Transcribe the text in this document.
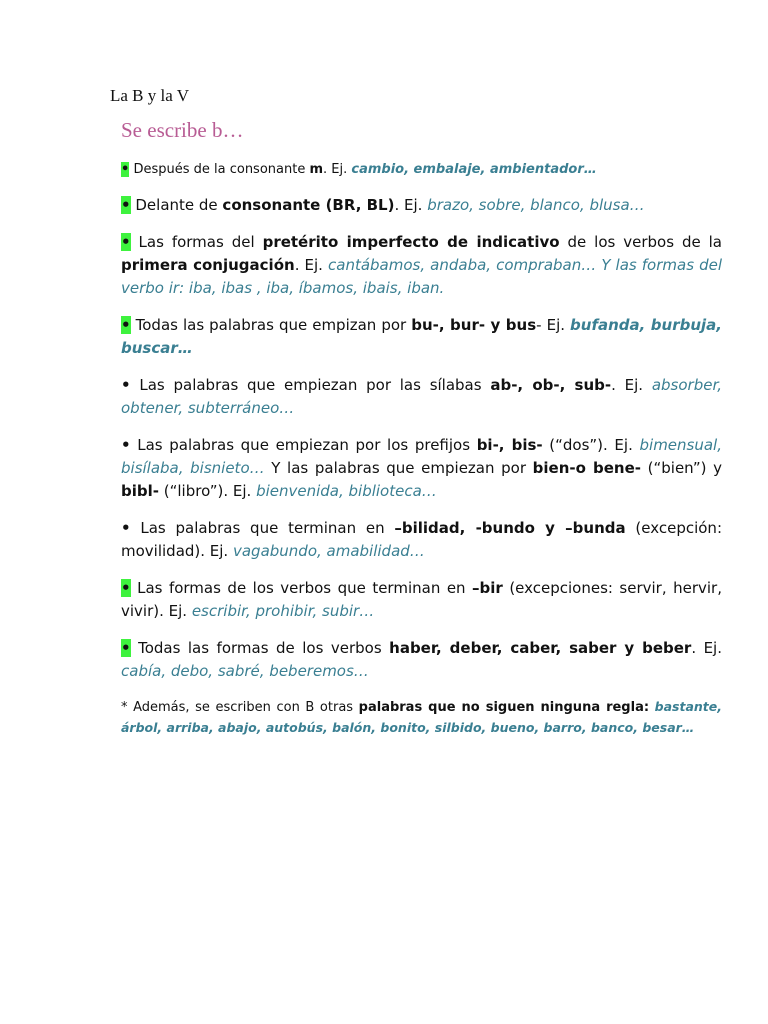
La B y la V
Se escribe b…

• Después de la consonante m. Ej. cambio, embalaje, ambientador…

• Delante de consonante (BR, BL). Ej. brazo, sobre, blanco, blusa…

• Las formas del pretérito imperfecto de indicativo de los verbos de la primera conjugación. Ej. cantábamos, andaba, compraban… Y las formas del verbo ir: iba, ibas , iba, íbamos, ibais, iban.

• Todas las palabras que empizan por bu-, bur- y bus- Ej. bufanda, burbuja, buscar…

• Las palabras que empiezan por las sílabas ab-, ob-, sub-. Ej. absorber, obtener, subterráneo…

• Las palabras que empiezan por los prefijos bi-, bis- (“dos”). Ej. bimensual, bisílaba, bisnieto… Y las palabras que empiezan por bien-o bene- (“bien”) y bibl- (“libro”). Ej. bienvenida, biblioteca…

• Las palabras que terminan en –bilidad, -bundo y –bunda (excepción: movilidad). Ej. vagabundo, amabilidad…

• Las formas de los verbos que terminan en –bir (excepciones: servir, hervir, vivir). Ej. escribir, prohibir, subir…

• Todas las formas de los verbos haber, deber, caber, saber y beber. Ej. cabía, debo, sabré, beberemos…

* Además, se escriben con B otras palabras que no siguen ninguna regla: bastante, árbol, arriba, abajo, autobús, balón, bonito, silbido, bueno, barro, banco, besar…
